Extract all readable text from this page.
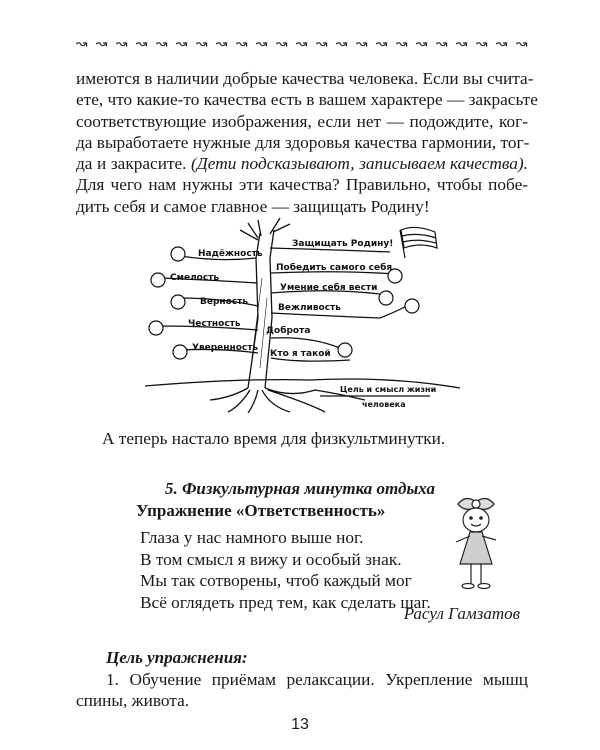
↝ ↝ ↝ ↝ ↝ ↝ ↝ ↝ ↝ ↝ ↝ ↝ ↝ ↝ ↝ ↝ ↝ ↝ ↝ ↝ ↝ ↝ ↝
имеются в наличии добрые качества человека. Если вы счита-
ете, что какие-то качества есть в вашем характере — закрасьте
соответствующие изображения, если нет — подождите, ког-
да выработаете нужные для здоровья качества гармонии, тог-
да и закрасите. (Дети подсказывают, записываем качества).
Для чего нам нужны эти качества? Правильно, чтобы побе-
дить себя и самое главное — защищать Родину!
Надёжность
Смелость
Верность
Честность
Уверенность
Защищать Родину!
Победить самого себя
Умение себя вести
Вежливость
Доброта
Кто я такой
Цель и смысл жизни
человека
А теперь настало время для физкультминутки.
5. Физкультурная минутка отдыха
Упражнение «Ответственность»
Глаза у нас намного выше ног.
В том смысл я вижу и особый знак.
Мы так сотворены, чтоб каждый мог
Всё оглядеть пред тем, как сделать шаг.
Расул Гамзатов
Цель упражнения:
1. Обучение приёмам релаксации. Укрепление мышц
спины, живота.
13
